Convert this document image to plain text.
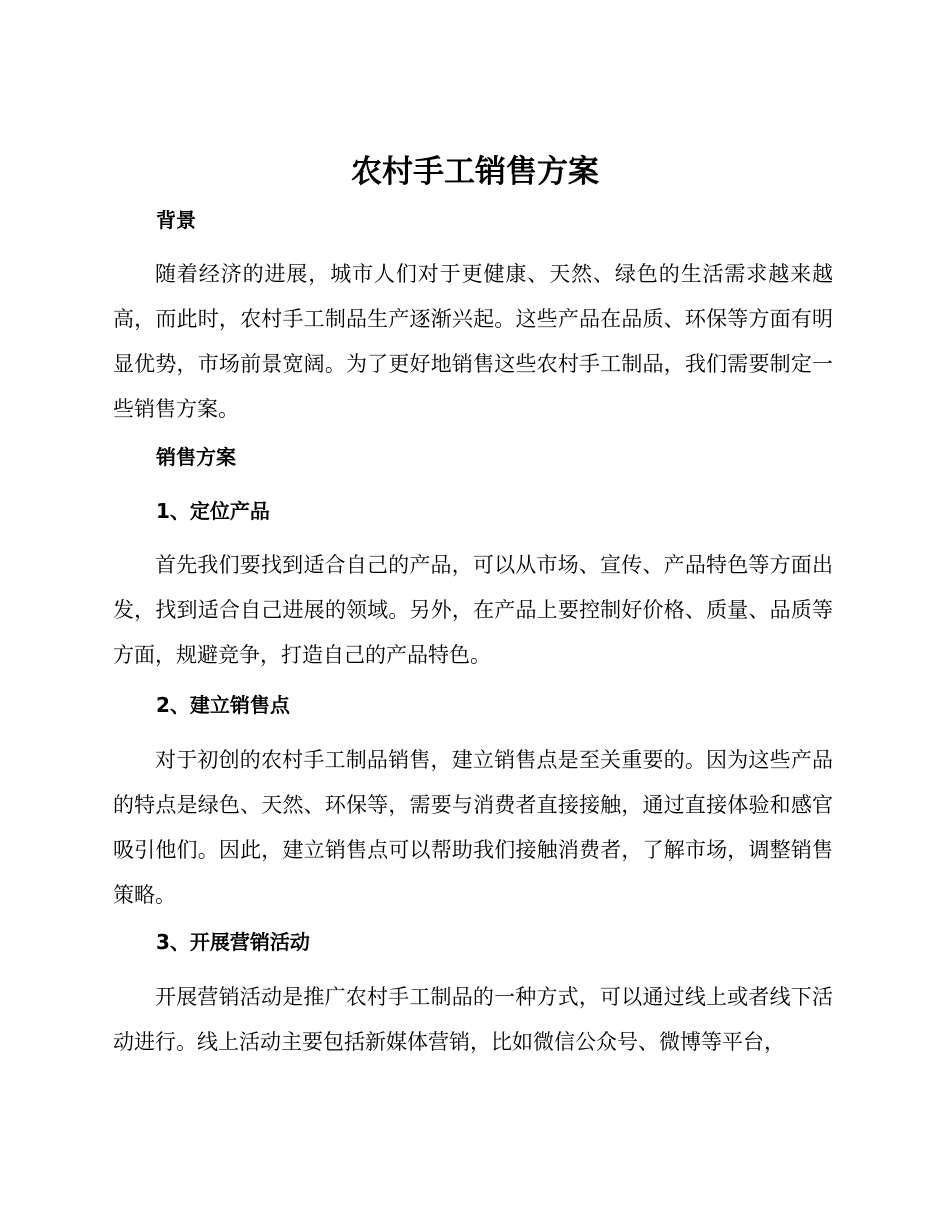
农村手工销售方案
背景

随着经济的进展，城市人们对于更健康、天然、绿色的生活需求越来越高，而此时，农村手工制品生产逐渐兴起。这些产品在品质、环保等方面有明显优势，市场前景宽阔。为了更好地销售这些农村手工制品，我们需要制定一些销售方案。

销售方案
1、定位产品

首先我们要找到适合自己的产品，可以从市场、宣传、产品特色等方面出发，找到适合自己进展的领域。另外，在产品上要控制好价格、质量、品质等方面，规避竞争，打造自己的产品特色。

2、建立销售点

对于初创的农村手工制品销售，建立销售点是至关重要的。因为这些产品的特点是绿色、天然、环保等，需要与消费者直接接触，通过直接体验和感官吸引他们。因此，建立销售点可以帮助我们接触消费者，了解市场，调整销售策略。

3、开展营销活动

开展营销活动是推广农村手工制品的一种方式，可以通过线上或者线下活动进行。线上活动主要包括新媒体营销，比如微信公众号、微博等平台，
